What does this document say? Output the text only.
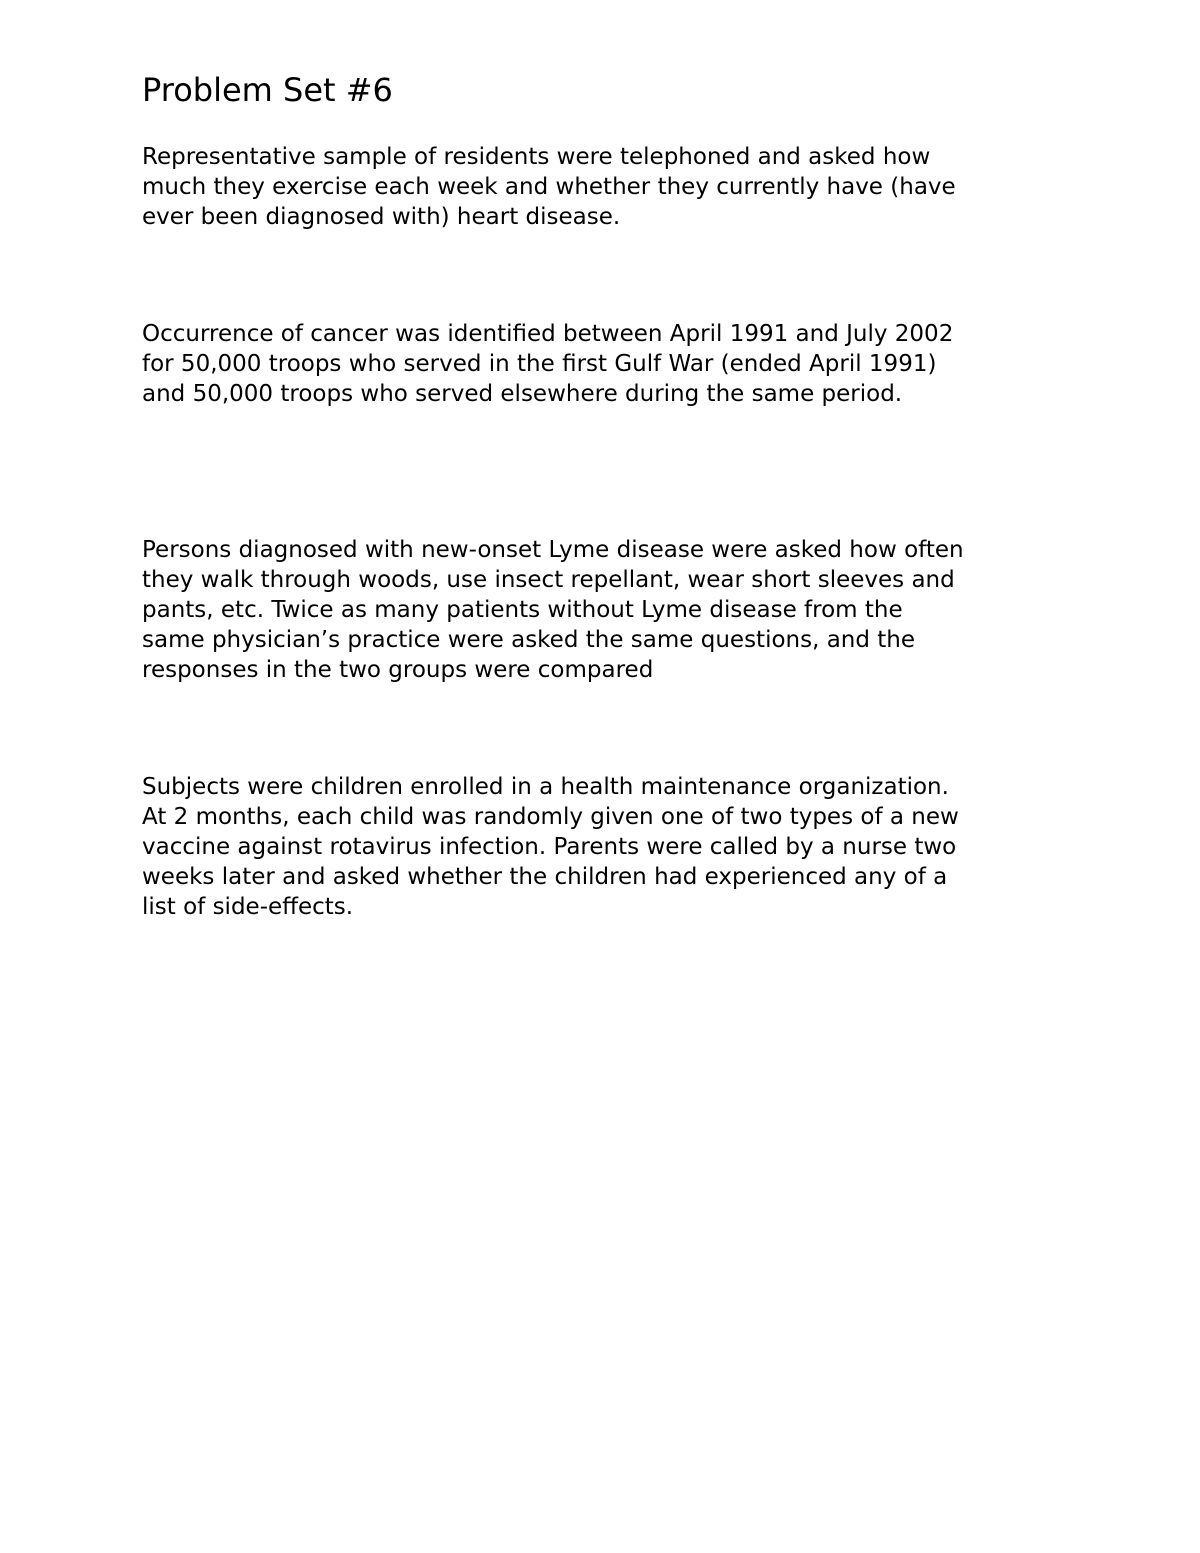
Problem Set #6

Representative sample of residents were telephoned and asked how
much they exercise each week and whether they currently have (have
ever been diagnosed with) heart disease.

Occurrence of cancer was identified between April 1991 and July 2002
for 50,000 troops who served in the first Gulf War (ended April 1991)
and 50,000 troops who served elsewhere during the same period.

Persons diagnosed with new-onset Lyme disease were asked how often
they walk through woods, use insect repellant, wear short sleeves and
pants, etc. Twice as many patients without Lyme disease from the
same physician’s practice were asked the same questions, and the
responses in the two groups were compared

Subjects were children enrolled in a health maintenance organization.
At 2 months, each child was randomly given one of two types of a new
vaccine against rotavirus infection. Parents were called by a nurse two
weeks later and asked whether the children had experienced any of a
list of side-effects.
